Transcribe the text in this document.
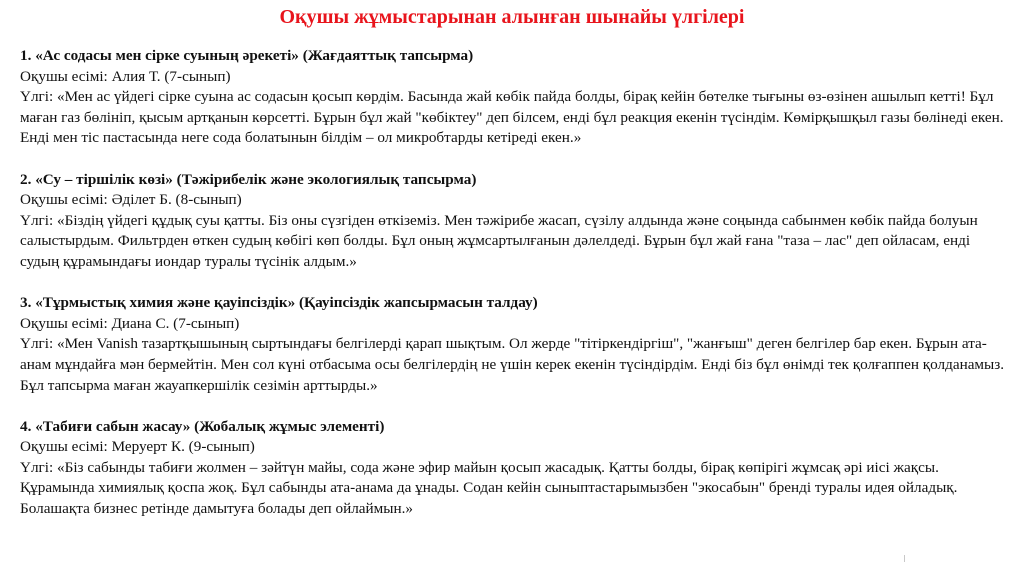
Оқушы жұмыстарынан алынған шынайы үлгілері
1. «Ас содасы мен сірке суының әрекеті» (Жағдаяттық тапсырма)
Оқушы есімі: Алия Т. (7-сынып)
Үлгі: «Мен ас үйдегі сірке суына ас содасын қосып көрдім. Басында жай көбік пайда болды, бірақ кейін бөтелке тығыны өз-өзінен ашылып кетті! Бұл маған газ бөлініп, қысым артқанын көрсетті. Бұрын бұл жай "көбіктеу" деп білсем, енді бұл реакция екенін түсіндім. Көмірқышқыл газы бөлінеді екен. Енді мен тіс пастасында неге сода болатынын білдім – ол микробтарды кетіреді екен.»
2. «Су – тіршілік көзі» (Тәжірибелік және экологиялық тапсырма)
Оқушы есімі: Әділет Б. (8-сынып)
Үлгі: «Біздің үйдегі құдық суы қатты. Біз оны сүзгіден өткіземіз. Мен тәжірибе жасап, сүзілу алдында және соңында сабынмен көбік пайда болуын салыстырдым. Фильтрден өткен судың көбігі көп болды. Бұл оның жұмсартылғанын дәлелдеді. Бұрын бұл жай ғана "таза – лас" деп ойласам, енді судың құрамындағы иондар туралы түсінік алдым.»
3. «Тұрмыстық химия және қауіпсіздік» (Қауіпсіздік жапсырмасын талдау)
Оқушы есімі: Диана С. (7-сынып)
Үлгі: «Мен Vanish тазартқышының сыртындағы белгілерді қарап шықтым. Ол жерде "тітіркендіргіш", "жанғыш" деген белгілер бар екен. Бұрын ата-анам мұндайға мән бермейтін. Мен сол күні отбасыма осы белгілердің не үшін керек екенін түсіндірдім. Енді біз бұл өнімді тек қолғаппен қолданамыз. Бұл тапсырма маған жауапкершілік сезімін арттырды.»
4. «Табиғи сабын жасау» (Жобалық жұмыс элементі)
Оқушы есімі: Меруерт К. (9-сынып)
Үлгі: «Біз сабынды табиғи жолмен – зәйтүн майы, сода және эфир майын қосып жасадық. Қатты болды, бірақ көпірігі жұмсақ әрі иісі жақсы. Құрамында химиялық қоспа жоқ. Бұл сабынды ата-анама да ұнады. Содан кейін сыныптастарымызбен "экосабын" бренді туралы идея ойладық. Болашақта бизнес ретінде дамытуға болады деп ойлаймын.»
